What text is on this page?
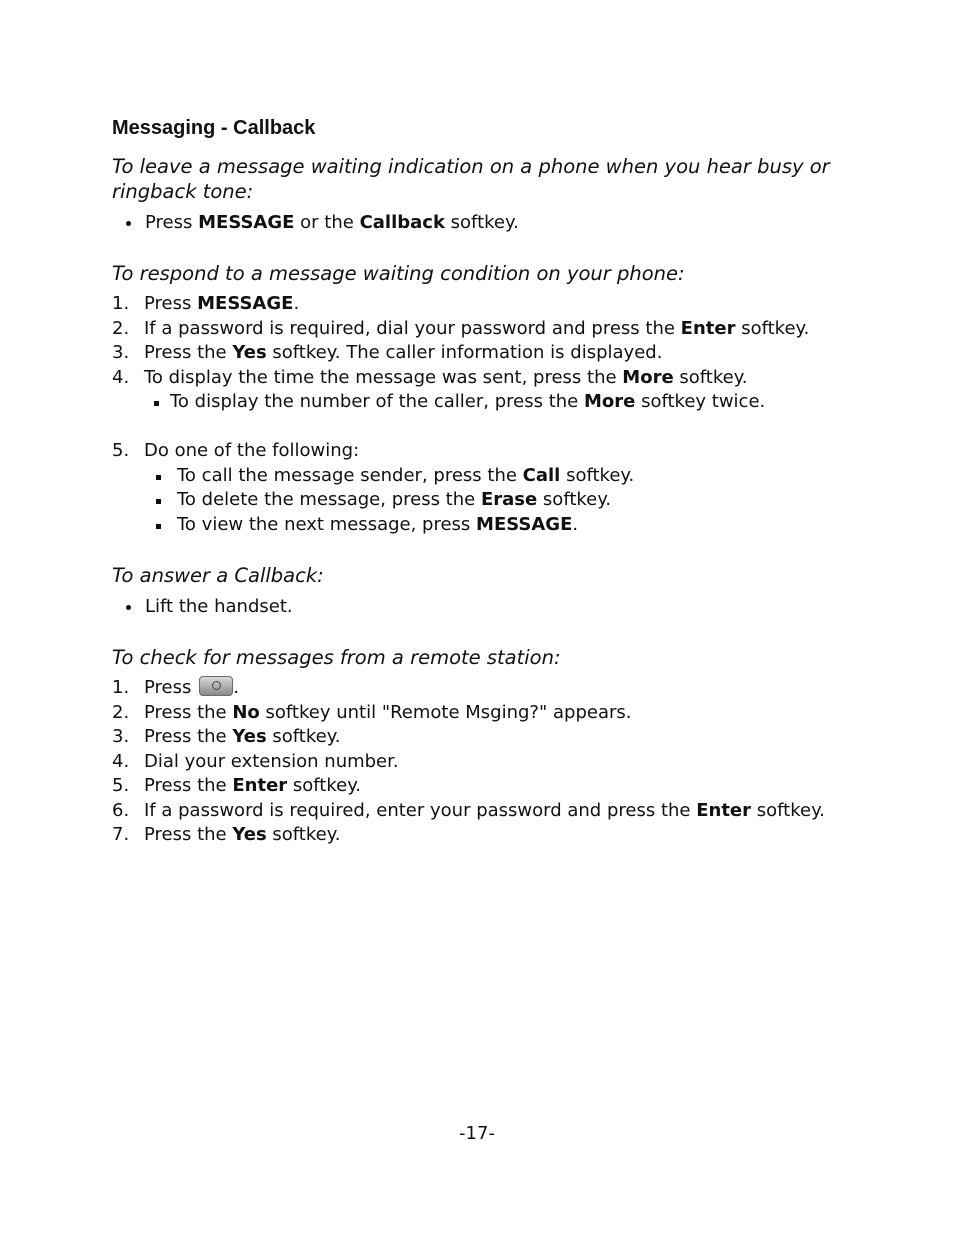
Messaging - Callback

To leave a message waiting indication on a phone when you hear busy or ringback tone:

Press MESSAGE or the Callback softkey.

To respond to a message waiting condition on your phone:

1. Press MESSAGE.
2. If a password is required, dial your password and press the Enter softkey.
3. Press the Yes softkey. The caller information is displayed.
4. To display the time the message was sent, press the More softkey.
To display the number of the caller, press the More softkey twice.
5. Do one of the following:
To call the message sender, press the Call softkey.
To delete the message, press the Erase softkey.
To view the next message, press MESSAGE.

To answer a Callback:

Lift the handset.

To check for messages from a remote station:

1. Press .
2. Press the No softkey until "Remote Msging?" appears.
3. Press the Yes softkey.
4. Dial your extension number.
5. Press the Enter softkey.
6. If a password is required, enter your password and press the Enter softkey.
7. Press the Yes softkey.
-17-
